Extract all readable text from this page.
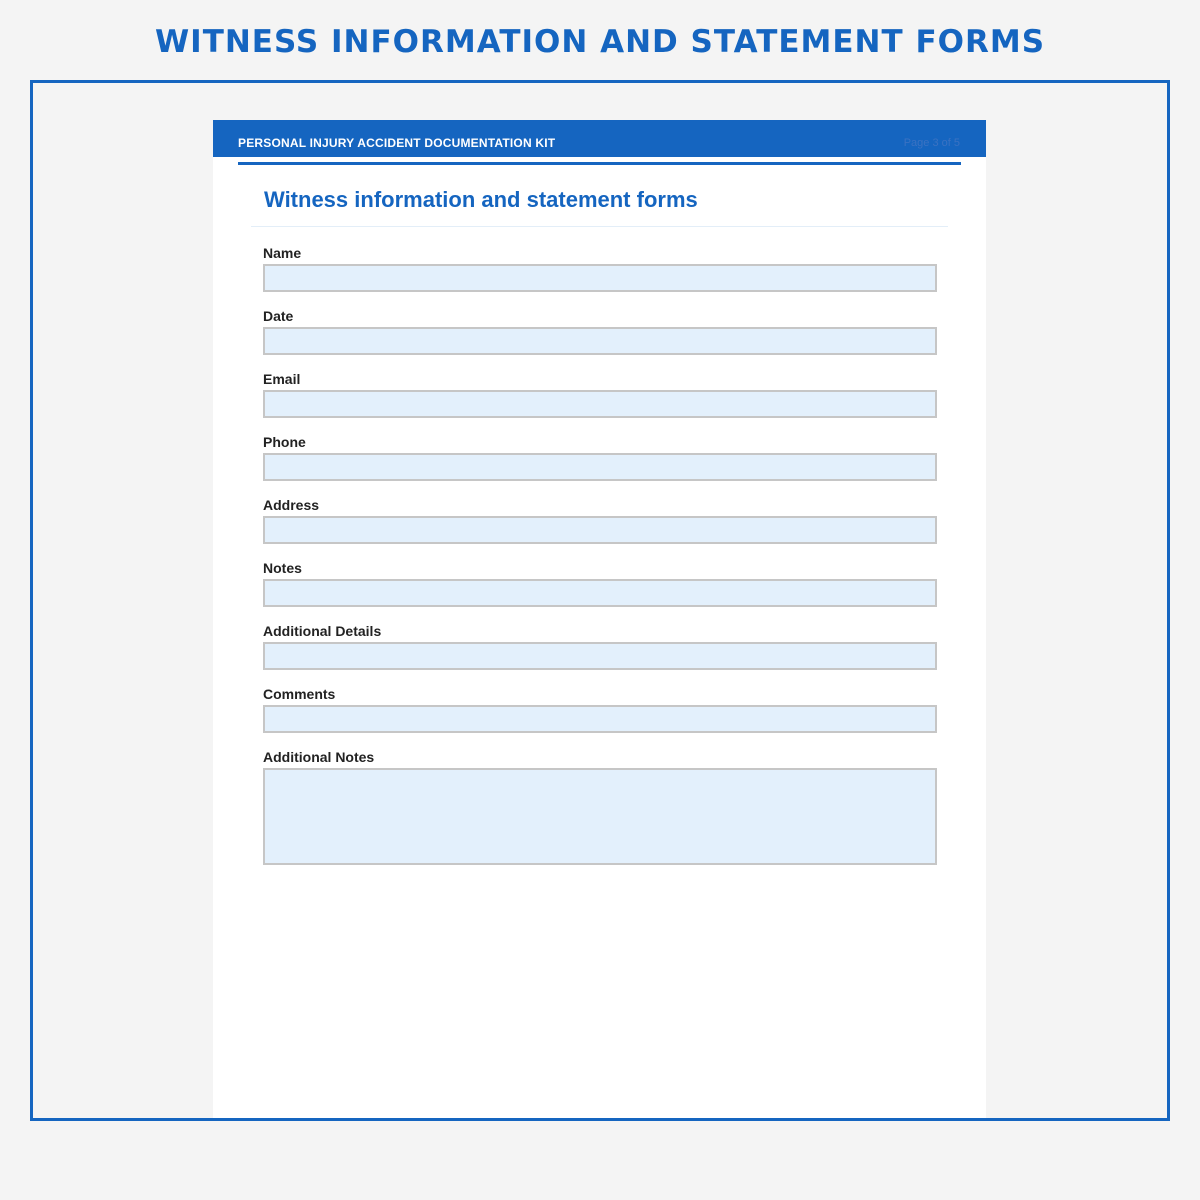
WITNESS INFORMATION AND STATEMENT FORMS
PERSONAL INJURY ACCIDENT DOCUMENTATION KIT	Page 3 of 5
Witness information and statement forms
Name
Date
Email
Phone
Address
Notes
Additional Details
Comments
Additional Notes
